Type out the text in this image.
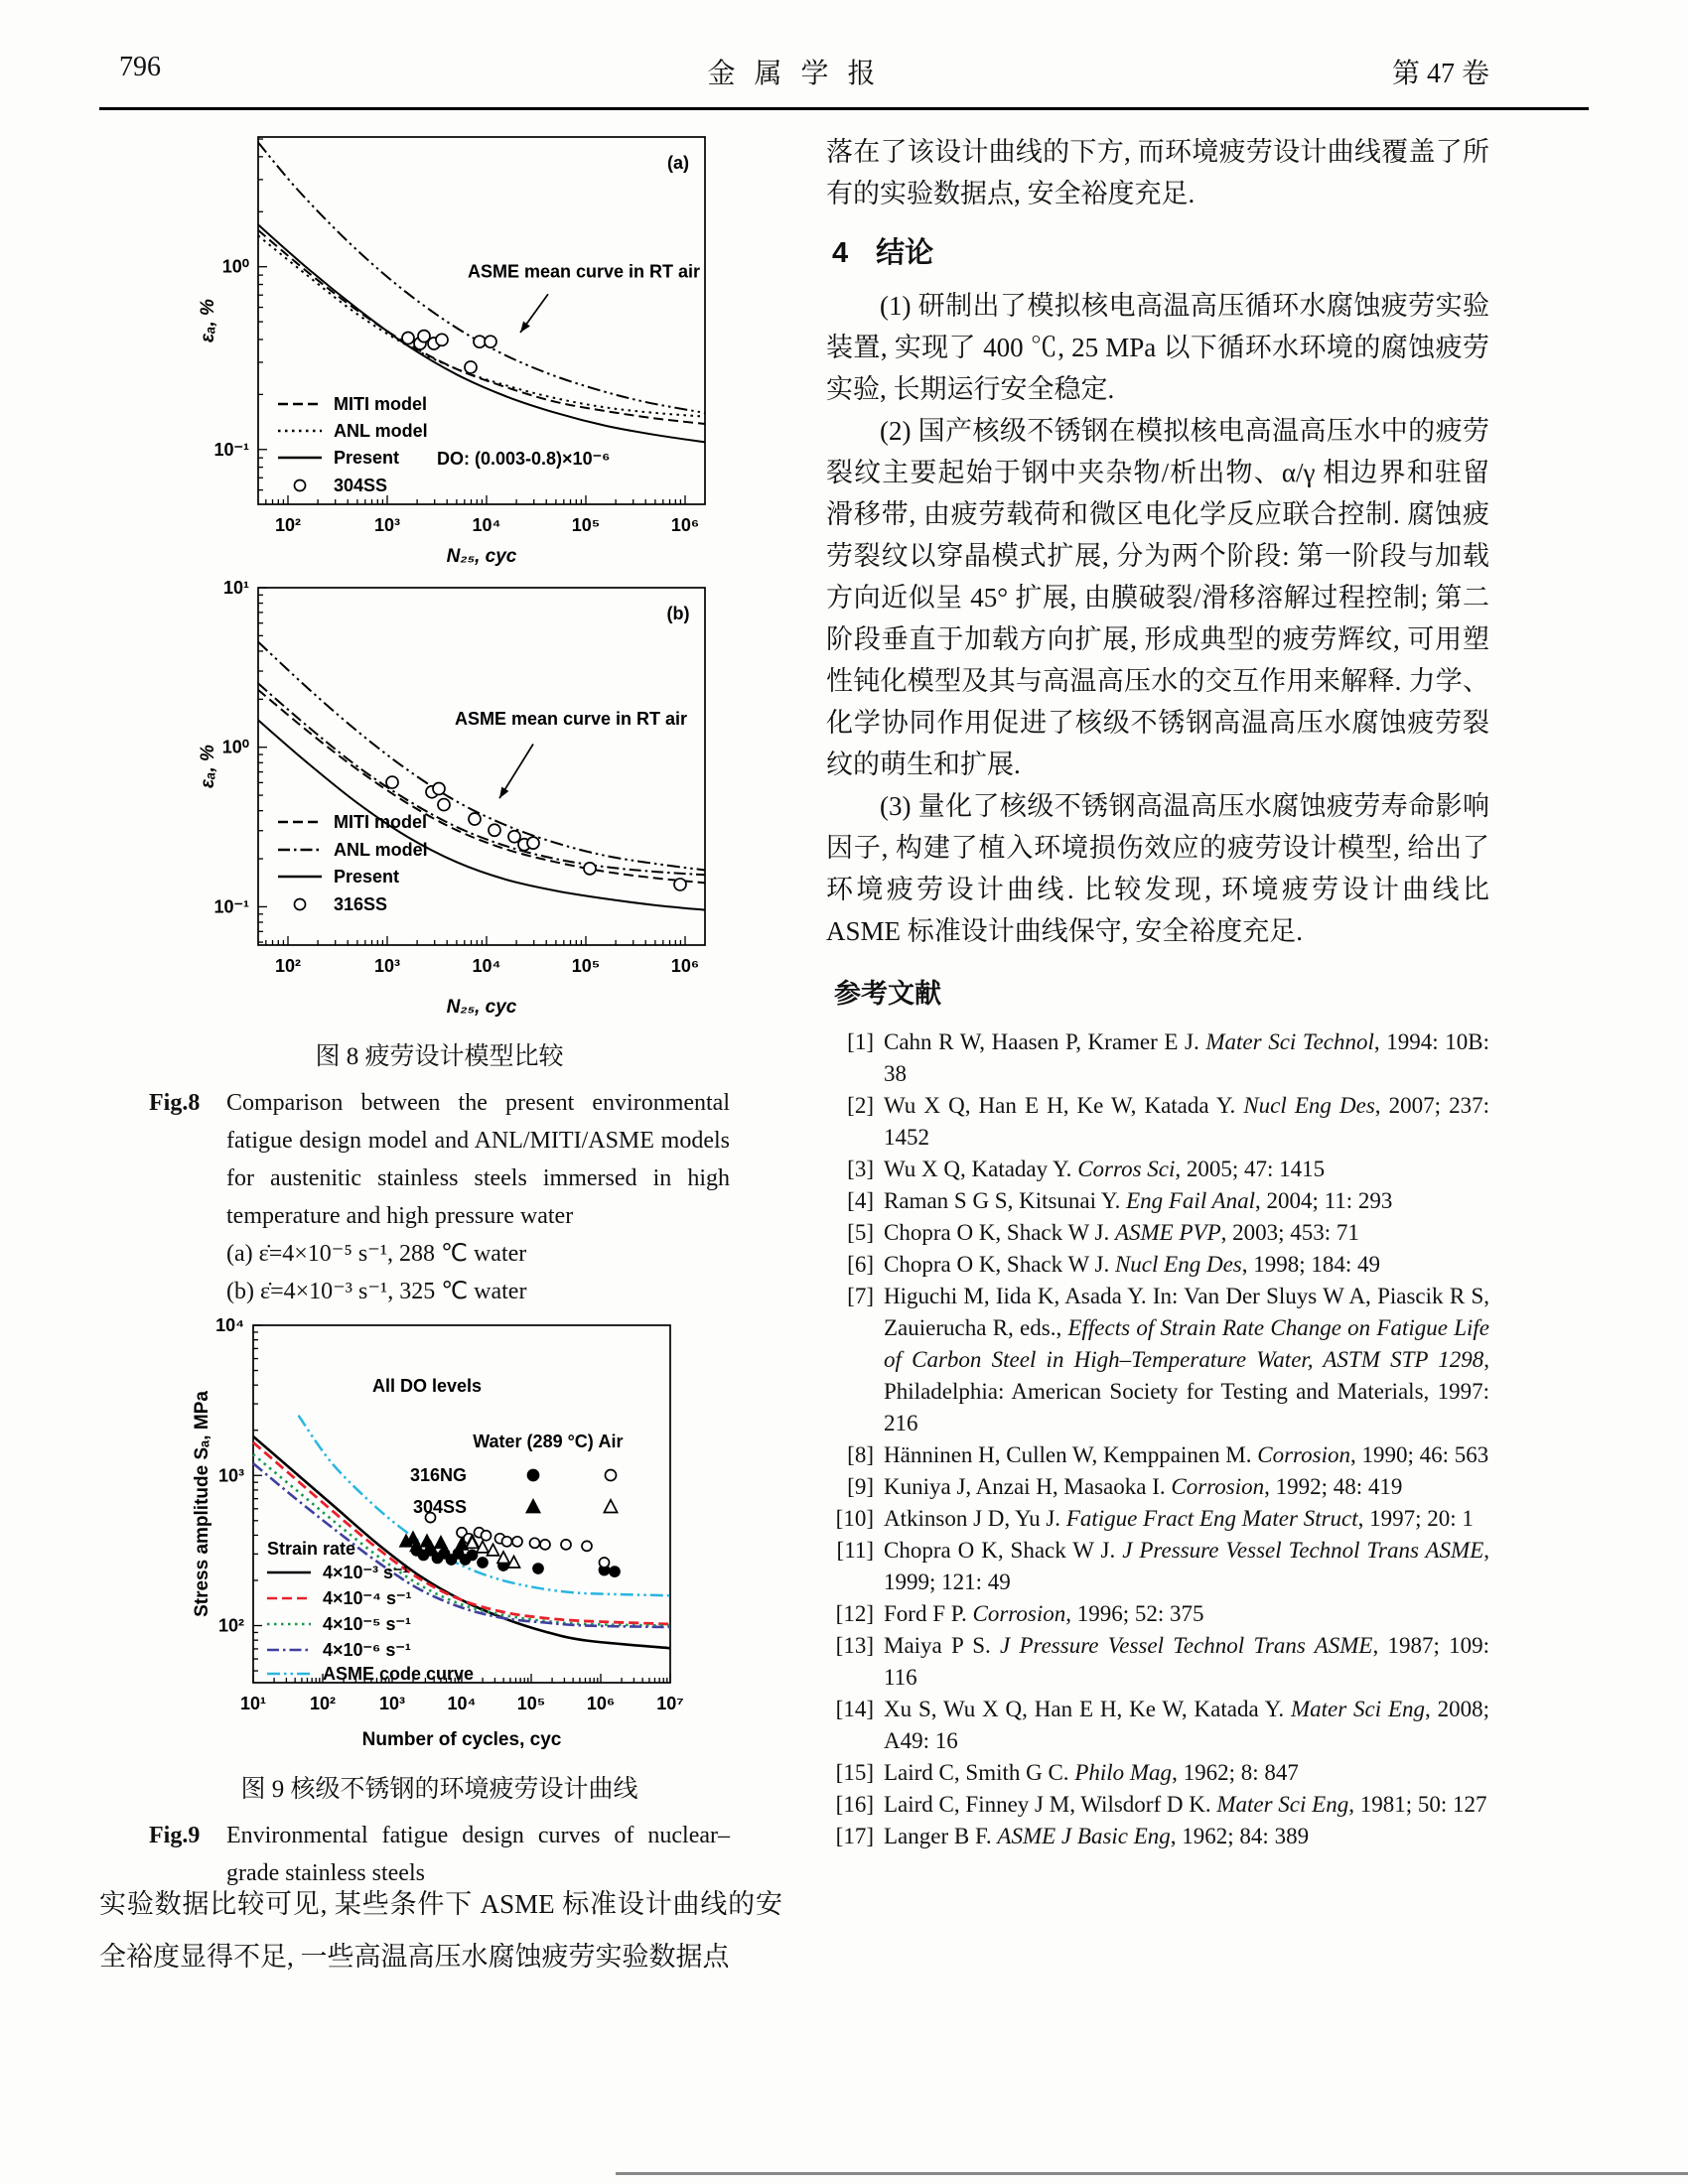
796	金 属 学 报	第 47 卷
10²	10³	10⁴	10⁵	10⁶
10⁰
10⁻¹
N₂₅, cyc
εₐ, %
MITI model
ANL model
Present
304SS
DO: (0.003-0.8)×10⁻⁶
(a)
ASME mean curve in RT air
10²	10³	10⁴	10⁵	10⁶
10¹
10⁰
10⁻¹
N₂₅, cyc
εₐ, %
MITI model
ANL model
Present
316SS
(b)
ASME mean curve in RT air
图 8 疲劳设计模型比较
Fig.8	Comparison between the present environmental fatigue design model and ANL/MITI/ASME models for austenitic stainless steels immersed in high temperature and high pressure water
(a) ε̇=4×10⁻⁵ s⁻¹, 288 ℃ water
(b) ε̇=4×10⁻³ s⁻¹, 325 ℃ water
10¹ 10² 10³ 10⁴ 10⁵ 10⁶ 10⁷
10⁴
10³
10²
Number of cycles, cyc
Stress amplitude Sₐ, MPa	Strain rate
4×10⁻³ s⁻¹
4×10⁻⁴ s⁻¹
4×10⁻⁵ s⁻¹
4×10⁻⁶ s⁻¹
ASME code curve
Water (289 °C) Air
316NG
304SS
All DO levels
图 9 核级不锈钢的环境疲劳设计曲线
Fig.9	Environmental fatigue design curves of nuclear–grade stainless steels
实验数据比较可见, 某些条件下 ASME 标准设计曲线的安全裕度显得不足, 一些高温高压水腐蚀疲劳实验数据点

落在了该设计曲线的下方, 而环境疲劳设计曲线覆盖了所有的实验数据点, 安全裕度充足.

4 结论

(1) 研制出了模拟核电高温高压循环水腐蚀疲劳实验装置, 实现了 400 ℃, 25 MPa 以下循环水环境的腐蚀疲劳实验, 长期运行安全稳定.

(2) 国产核级不锈钢在模拟核电高温高压水中的疲劳裂纹主要起始于钢中夹杂物/析出物、α/γ 相边界和驻留滑移带, 由疲劳载荷和微区电化学反应联合控制. 腐蚀疲劳裂纹以穿晶模式扩展, 分为两个阶段: 第一阶段与加载方向近似呈 45° 扩展, 由膜破裂/滑移溶解过程控制; 第二阶段垂直于加载方向扩展, 形成典型的疲劳辉纹, 可用塑性钝化模型及其与高温高压水的交互作用来解释. 力学、化学协同作用促进了核级不锈钢高温高压水腐蚀疲劳裂纹的萌生和扩展.

(3) 量化了核级不锈钢高温高压水腐蚀疲劳寿命影响因子, 构建了植入环境损伤效应的疲劳设计模型, 给出了环境疲劳设计曲线. 比较发现, 环境疲劳设计曲线比 ASME 标准设计曲线保守, 安全裕度充足.

参考文献
[1] Cahn R W, Haasen P, Kramer E J. Mater Sci Technol, 1994: 10B: 38
[2] Wu X Q, Han E H, Ke W, Katada Y. Nucl Eng Des, 2007; 237: 1452
[3] Wu X Q, Kataday Y. Corros Sci, 2005; 47: 1415
[4] Raman S G S, Kitsunai Y. Eng Fail Anal, 2004; 11: 293
[5] Chopra O K, Shack W J. ASME PVP, 2003; 453: 71
[6] Chopra O K, Shack W J. Nucl Eng Des, 1998; 184: 49
[7] Higuchi M, Iida K, Asada Y. In: Van Der Sluys W A, Piascik R S, Zauierucha R, eds., Effects of Strain Rate Change on Fatigue Life of Carbon Steel in High–Temperature Water, ASTM STP 1298, Philadelphia: American Society for Testing and Materials, 1997: 216
[8] Hänninen H, Cullen W, Kemppainen M. Corrosion, 1990; 46: 563
[9] Kuniya J, Anzai H, Masaoka I. Corrosion, 1992; 48: 419
[10] Atkinson J D, Yu J. Fatigue Fract Eng Mater Struct, 1997; 20: 1
[11] Chopra O K, Shack W J. J Pressure Vessel Technol Trans ASME, 1999; 121: 49
[12] Ford F P. Corrosion, 1996; 52: 375
[13] Maiya P S. J Pressure Vessel Technol Trans ASME, 1987; 109: 116
[14] Xu S, Wu X Q, Han E H, Ke W, Katada Y. Mater Sci Eng, 2008; A49: 16
[15] Laird C, Smith G C. Philo Mag, 1962; 8: 847
[16] Laird C, Finney J M, Wilsdorf D K. Mater Sci Eng, 1981; 50: 127
[17] Langer B F. ASME J Basic Eng, 1962; 84: 389
